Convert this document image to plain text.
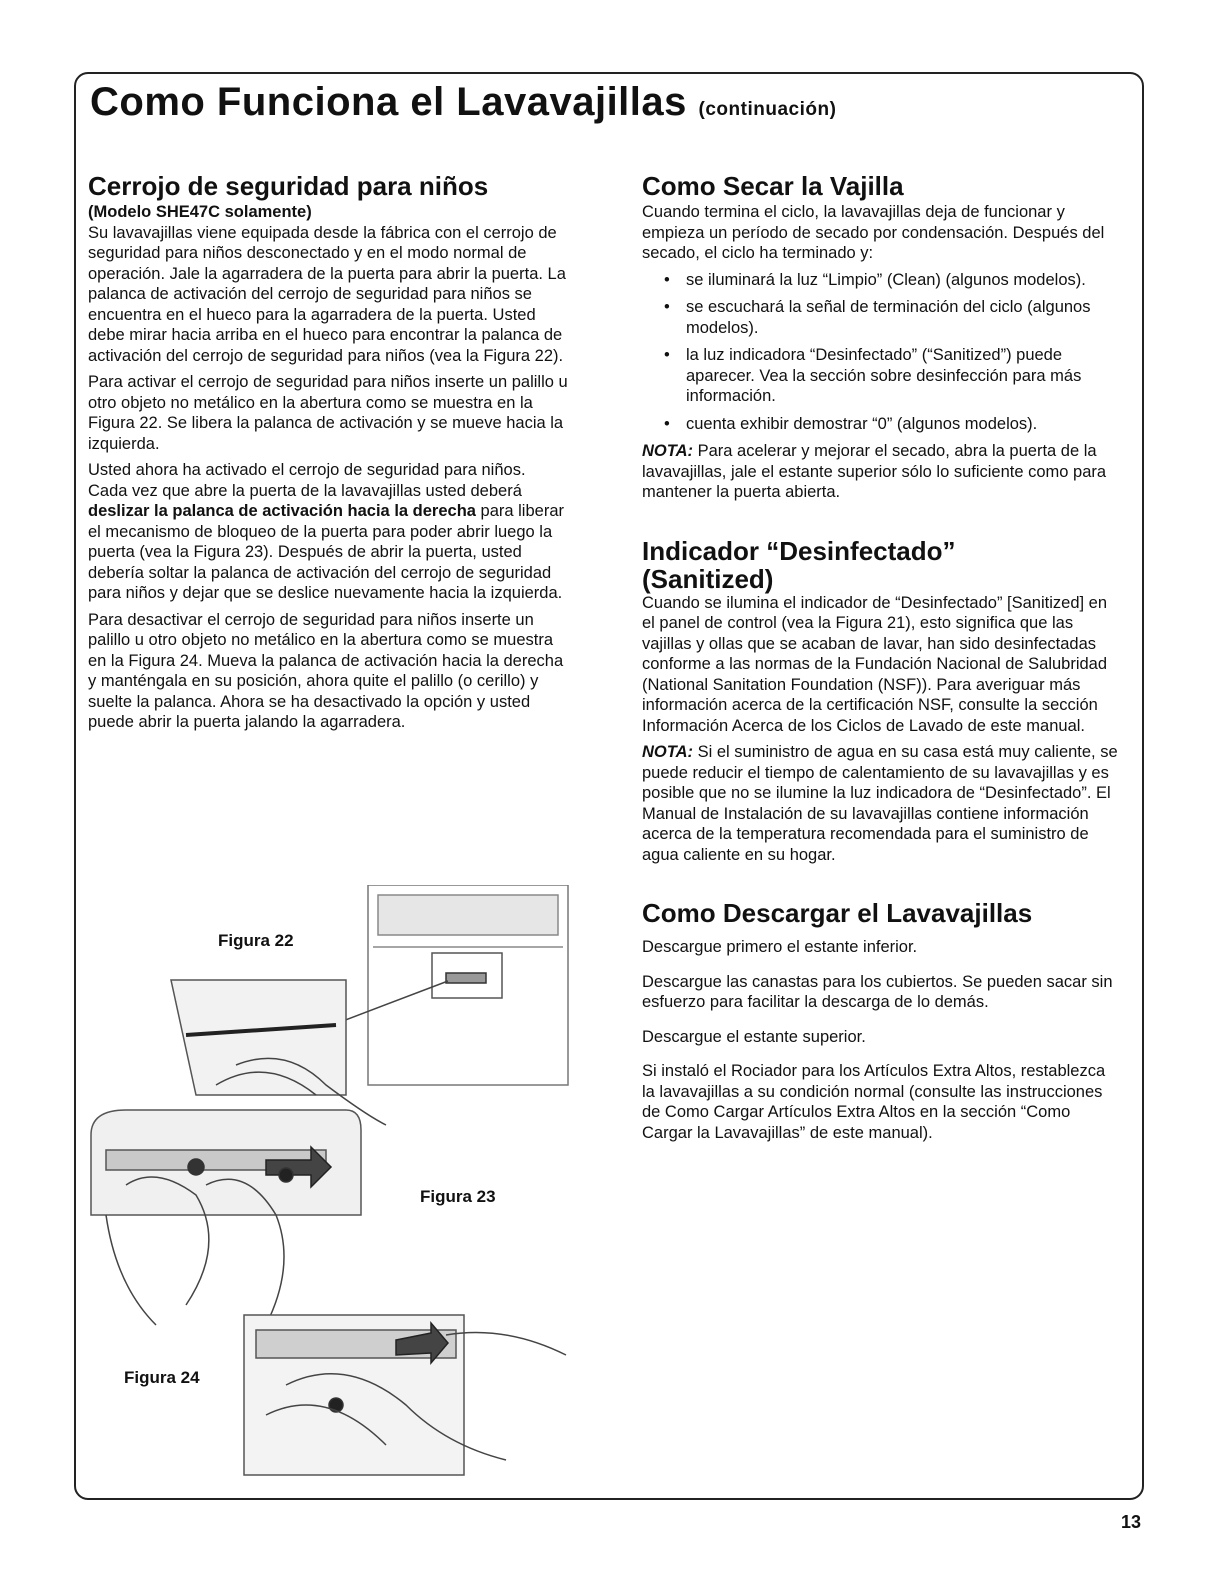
Como Funciona el Lavavajillas (continuación)
Cerrojo de seguridad para niños
(Modelo SHE47C solamente)

Su lavavajillas viene equipada desde la fábrica con el cerrojo de seguridad para niños desconectado y en el modo normal de operación. Jale la agarradera de la puerta para abrir la puerta. La palanca de activación del cerrojo de seguridad para niños se encuentra en el hueco para la agarradera de la puerta. Usted debe mirar hacia arriba en el hueco para encontrar la palanca de activación del cerrojo de seguridad para niños (vea la Figura 22).

Para activar el cerrojo de seguridad para niños inserte un palillo u otro objeto no metálico en la abertura como se muestra en la Figura 22. Se libera la palanca de activación y se mueve hacia la izquierda.

Usted ahora ha activado el cerrojo de seguridad para niños. Cada vez que abre la puerta de la lavavajillas usted deberá deslizar la palanca de activación hacia la derecha para liberar el mecanismo de bloqueo de la puerta para poder abrir luego la puerta (vea la Figura 23). Después de abrir la puerta, usted debería soltar la palanca de activación del cerrojo de seguridad para niños y dejar que se deslice nuevamente hacia la izquierda.

Para desactivar el cerrojo de seguridad para niños inserte un palillo u otro objeto no metálico en la abertura como se muestra en la Figura 24. Mueva la palanca de activación hacia la derecha y manténgala en su posición, ahora quite el palillo (o cerillo) y suelte la palanca. Ahora se ha desactivado la opción y usted puede abrir la puerta jalando la agarradera.

Figura 22
Figura 23
Figura 24
Como Secar la Vajilla

Cuando termina el ciclo, la lavavajillas deja de funcionar y empieza un período de secado por condensación. Después del secado, el ciclo ha terminado y:

• se iluminará la luz “Limpio” (Clean) (algunos modelos).
• se escuchará la señal de terminación del ciclo (algunos modelos).
• la luz indicadora “Desinfectado” (“Sanitized”) puede aparecer. Vea la sección sobre desinfección para más información.
• cuenta exhibir demostrar “0” (algunos modelos).

NOTA: Para acelerar y mejorar el secado, abra la puerta de la lavavajillas, jale el estante superior sólo lo suficiente como para mantener la puerta abierta.

Indicador “Desinfectado”
(Sanitized)

Cuando se ilumina el indicador de “Desinfectado” [Sanitized] en el panel de control (vea la Figura 21), esto significa que las vajillas y ollas que se acaban de lavar, han sido desinfectadas conforme a las normas de la Fundación Nacional de Salubridad (National Sanitation Foundation (NSF)). Para averiguar más información acerca de la certificación NSF, consulte la sección Información Acerca de los Ciclos de Lavado de este manual.

NOTA: Si el suministro de agua en su casa está muy caliente, se puede reducir el tiempo de calentamiento de su lavavajillas y es posible que no se ilumine la luz indicadora de “Desinfectado”. El Manual de Instalación de su lavavajillas contiene información acerca de la temperatura recomendada para el suministro de agua caliente en su hogar.

Como Descargar el Lavavajillas

Descargue primero el estante inferior.

Descargue las canastas para los cubiertos. Se pueden sacar sin esfuerzo para facilitar la descarga de lo demás.

Descargue el estante superior.

Si instaló el Rociador para los Artículos Extra Altos, restablezca la lavavajillas a su condición normal (consulte las instrucciones de Como Cargar Artículos Extra Altos en la sección “Como Cargar la Lavavajillas” de este manual).

13
